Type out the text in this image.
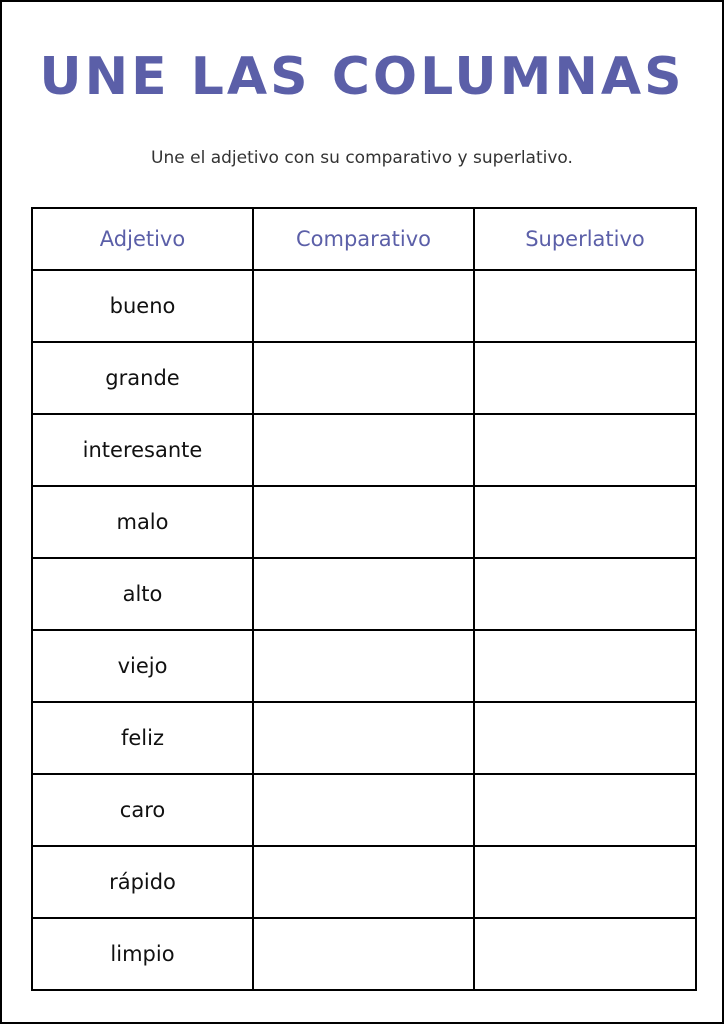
UNE LAS COLUMNAS
Une el adjetivo con su comparativo y superlativo.
Adjetivo	Comparativo	Superlativo
bueno		
grande		
interesante		
malo		
alto		
viejo		
feliz		
caro		
rápido		
limpio		
